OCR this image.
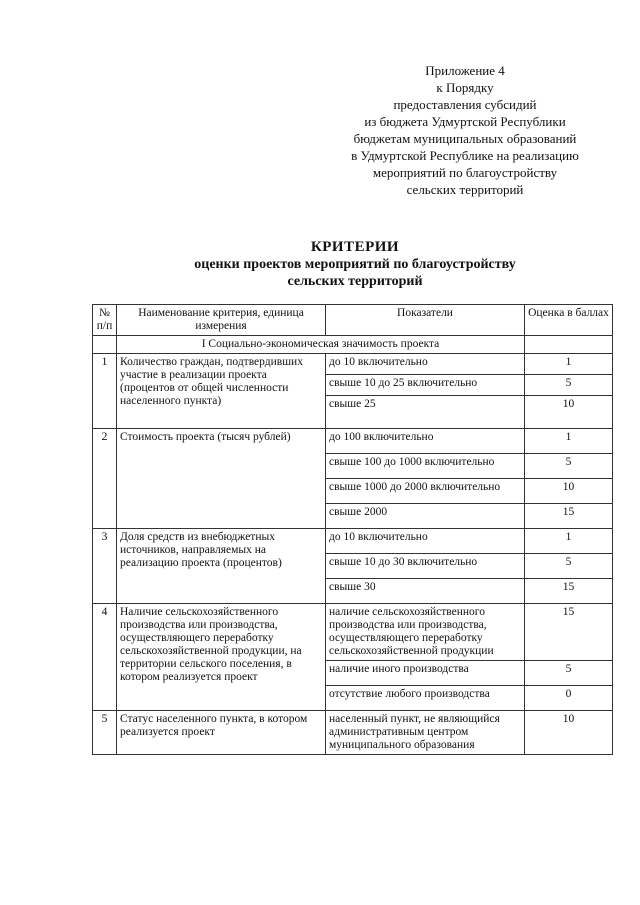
Приложение 4
к Порядку
предоставления субсидий
из бюджета Удмуртской Республики
бюджетам муниципальных образований
в Удмуртской Республике на реализацию
мероприятий по благоустройству
сельских территорий
КРИТЕРИИ
оценки проектов мероприятий по благоустройству
сельских территорий
№ п/п	Наименование критерия, единица измерения	Показатели	Оценка в баллах
	I Социально-экономическая значимость проекта		
1	Количество граждан, подтвердивших участие в реализации проекта (процентов от общей численности населенного пункта)	до 10 включительно	1
		свыше 10 до 25 включительно	5
		свыше 25	10
2	Стоимость проекта (тысяч рублей)	до 100 включительно	1
		свыше 100 до 1000 включительно	5
		свыше 1000 до 2000 включительно	10
		свыше 2000	15
3	Доля средств из внебюджетных источников, направляемых на реализацию проекта (процентов)	до 10 включительно	1
		свыше 10 до 30 включительно	5
		свыше 30	15
4	Наличие сельскохозяйственного производства или производства, осуществляющего переработку сельскохозяйственной продукции, на территории сельского поселения, в котором реализуется проект	наличие сельскохозяйственного производства или производства, осуществляющего переработку сельскохозяйственной продукции	15
		наличие иного производства	5
		отсутствие любого производства	0
5	Статус населенного пункта, в котором реализуется проект	населенный пункт, не являющийся административным центром муниципального образования	10
